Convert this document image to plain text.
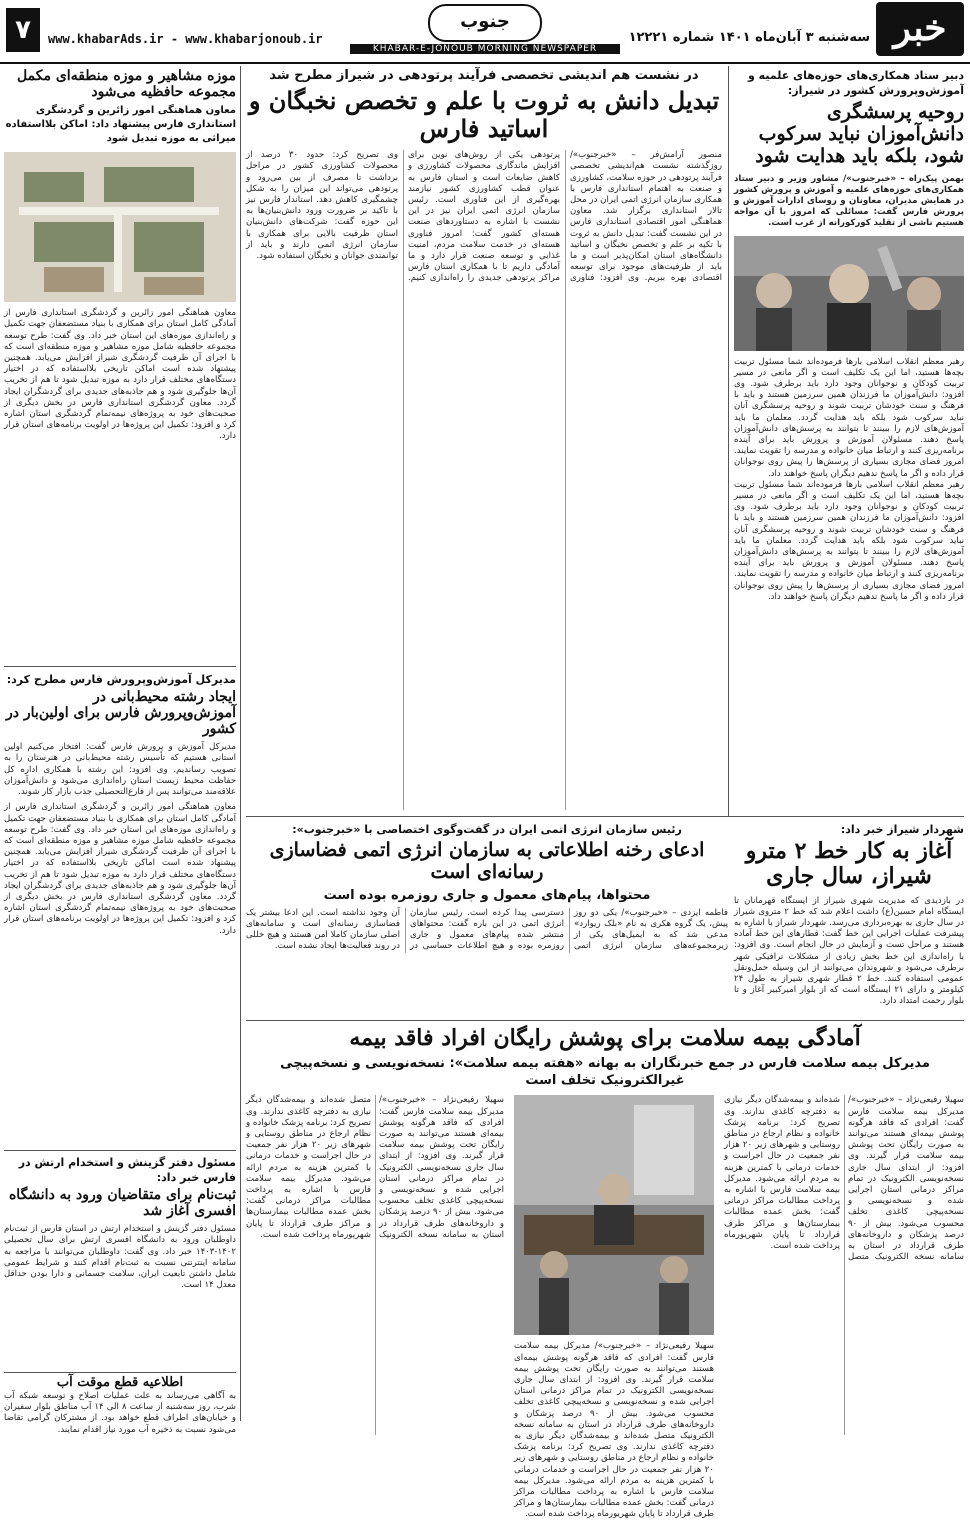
خبر
سه‌شنبه ۳ آبان‌ماه ۱۴۰۱ شماره ۱۲۲۲۱
جنوب
KHABAR-E-JONOUB MORNING NEWSPAPER
www.khabarAds.ir - www.khabarjonoub.ir
۷
دبیر ستاد همکاری‌های حوزه‌های علمیه و آموزش‌وپرورش کشور در شیراز:
روحیه پرسشگری دانش‌آموزان نباید سرکوب شود، بلکه باید هدایت شود
بهمن پیک‌راه – «خبرجنوب»/ مشاور وزیر و دبیر ستاد همکاری‌های حوزه‌های علمیه و آموزش و پرورش کشور در همایش مدیران، معاونان و روسای ادارات آموزش و پرورش فارس گفت: مسائلی که امروز با آن مواجه هستیم ناشی از تقلید کورکورانه از غرب است.
رهبر معظم انقلاب اسلامی بارها فرموده‌اند شما مسئول تربیت بچه‌ها هستید، اما این یک تکلیف است و اگر مانعی در مسیر تربیت کودکان و نوجوانان وجود دارد باید برطرف شود. وی افزود: دانش‌آموزان ما فرزندان همین سرزمین هستند و باید با فرهنگ و سنت خودشان تربیت شوند و روحیه پرسشگری آنان نباید سرکوب شود بلکه باید هدایت گردد. معلمان ما باید آموزش‌های لازم را ببینند تا بتوانند به پرسش‌های دانش‌آموزان پاسخ دهند. مسئولان آموزش و پرورش باید برای آینده برنامه‌ریزی کنند و ارتباط میان خانواده و مدرسه را تقویت نمایند. امروز فضای مجازی بسیاری از پرسش‌ها را پیش روی نوجوانان قرار داده و اگر ما پاسخ ندهیم دیگران پاسخ خواهند داد.
رهبر معظم انقلاب اسلامی بارها فرموده‌اند شما مسئول تربیت بچه‌ها هستید، اما این یک تکلیف است و اگر مانعی در مسیر تربیت کودکان و نوجوانان وجود دارد باید برطرف شود. وی افزود: دانش‌آموزان ما فرزندان همین سرزمین هستند و باید با فرهنگ و سنت خودشان تربیت شوند و روحیه پرسشگری آنان نباید سرکوب شود بلکه باید هدایت گردد. معلمان ما باید آموزش‌های لازم را ببینند تا بتوانند به پرسش‌های دانش‌آموزان پاسخ دهند. مسئولان آموزش و پرورش باید برای آینده برنامه‌ریزی کنند و ارتباط میان خانواده و مدرسه را تقویت نمایند. امروز فضای مجازی بسیاری از پرسش‌ها را پیش روی نوجوانان قرار داده و اگر ما پاسخ ندهیم دیگران پاسخ خواهند داد.
شهردار شیراز خبر داد:
آغاز به کار خط ۲ مترو شیراز، سال جاری
در بازدیدی که مدیریت شهری شیراز از ایستگاه قهرمانان تا ایستگاه امام حسین(ع) داشت اعلام شد که خط ۲ متروی شیراز در سال جاری به بهره‌برداری می‌رسد. شهردار شیراز با اشاره به پیشرفت عملیات اجرایی این خط گفت: قطارهای این خط آماده هستند و مراحل تست و آزمایش در حال انجام است. وی افزود: با راه‌اندازی این خط بخش زیادی از مشکلات ترافیکی شهر برطرف می‌شود و شهروندان می‌توانند از این وسیله حمل‌ونقل عمومی استفاده کنند. خط ۲ قطار شهری شیراز به طول ۲۴ کیلومتر و دارای ۲۱ ایستگاه است که از بلوار امیرکبیر آغاز و تا بلوار رحمت امتداد دارد.
در نشست هم اندیشی تخصصی فرآیند پرتودهی در شیراز مطرح شد
تبدیل دانش به ثروت با علم و تخصص نخبگان و اساتید فارس
منصور آرامش‌فر – «خبرجنوب»/ روزگذشته نشست هم‌اندیشی تخصصی فرآیند پرتودهی در حوزه سلامت، کشاورزی و صنعت به اهتمام استانداری فارس با همکاری سازمان انرژی اتمی ایران در محل تالار استانداری برگزار شد. معاون هماهنگی امور اقتصادی استانداری فارس در این نشست گفت: تبدیل دانش به ثروت با تکیه بر علم و تخصص نخبگان و اساتید دانشگاه‌های استان امکان‌پذیر است و ما باید از ظرفیت‌های موجود برای توسعه اقتصادی بهره ببریم. وی افزود: فناوری پرتودهی یکی از روش‌های نوین برای افزایش ماندگاری محصولات کشاورزی و کاهش ضایعات است و استان فارس به عنوان قطب کشاورزی کشور نیازمند بهره‌گیری از این فناوری است. رئیس سازمان انرژی اتمی ایران نیز در این نشست با اشاره به دستاوردهای صنعت هسته‌ای کشور گفت: امروز فناوری هسته‌ای در خدمت سلامت مردم، امنیت غذایی و توسعه صنعت قرار دارد و ما آمادگی داریم تا با همکاری استان فارس مراکز پرتودهی جدیدی را راه‌اندازی کنیم. وی تصریح کرد: حدود ۳۰ درصد از محصولات کشاورزی کشور در مراحل برداشت تا مصرف از بین می‌رود و پرتودهی می‌تواند این میزان را به شکل چشمگیری کاهش دهد. استاندار فارس نیز با تاکید بر ضرورت ورود دانش‌بنیان‌ها به این حوزه گفت: شرکت‌های دانش‌بنیان استان ظرفیت بالایی برای همکاری با سازمان انرژی اتمی دارند و باید از توانمندی جوانان و نخبگان استفاده شود.
رئیس سازمان انرژی اتمی ایران در گفت‌وگوی اختصاصی با «خبرجنوب»:
ادعای رخنه اطلاعاتی به سازمان انرژی اتمی فضاسازی رسانه‌ای است
محتواها، پیام‌های معمول و جاری روزمره بوده است
فاطمه ایزدی – «خبرجنوب»/ یکی دو روز پیش، یک گروه هکری به نام «بلک ریوارد» مدعی شد که به ایمیل‌های یکی از زیرمجموعه‌های سازمان انرژی اتمی دسترسی پیدا کرده است. رئیس سازمان انرژی اتمی در این باره گفت: محتواهای منتشر شده پیام‌های معمول و جاری روزمره بوده و هیچ اطلاعات حساسی در آن وجود نداشته است. این ادعا بیشتر یک فضاسازی رسانه‌ای است و سامانه‌های اصلی سازمان کاملا امن هستند و هیچ خللی در روند فعالیت‌ها ایجاد نشده است.
آمادگی بیمه سلامت برای پوشش رایگان افراد فاقد بیمه
مدیرکل بیمه سلامت فارس در جمع خبرنگاران به بهانه «هفته بیمه سلامت»: نسخه‌نویسی و نسخه‌پیچی غیرالکترونیک تخلف است
سهیلا رفیعی‌نژاد – «خبرجنوب»/ مدیرکل بیمه سلامت فارس گفت: افرادی که فاقد هرگونه پوشش بیمه‌ای هستند می‌توانند به صورت رایگان تحت پوشش بیمه سلامت قرار گیرند. وی افزود: از ابتدای سال جاری نسخه‌نویسی الکترونیک در تمام مراکز درمانی استان اجرایی شده و نسخه‌نویسی و نسخه‌پیچی کاغذی تخلف محسوب می‌شود. بیش از ۹۰ درصد پزشکان و داروخانه‌های طرف قرارداد در استان به سامانه نسخه الکترونیک متصل شده‌اند و بیمه‌شدگان دیگر نیازی به دفترچه کاغذی ندارند. وی تصریح کرد: برنامه پزشک خانواده و نظام ارجاع در مناطق روستایی و شهرهای زیر ۲۰ هزار نفر جمعیت در حال اجراست و خدمات درمانی با کمترین هزینه به مردم ارائه می‌شود. مدیرکل بیمه سلامت فارس با اشاره به پرداخت مطالبات مراکز درمانی گفت: بخش عمده مطالبات بیمارستان‌ها و مراکز طرف قرارداد تا پایان شهریورماه پرداخت شده است.
سهیلا رفیعی‌نژاد – «خبرجنوب»/ مدیرکل بیمه سلامت فارس گفت: افرادی که فاقد هرگونه پوشش بیمه‌ای هستند می‌توانند به صورت رایگان تحت پوشش بیمه سلامت قرار گیرند. وی افزود: از ابتدای سال جاری نسخه‌نویسی الکترونیک در تمام مراکز درمانی استان اجرایی شده و نسخه‌نویسی و نسخه‌پیچی کاغذی تخلف محسوب می‌شود. بیش از ۹۰ درصد پزشکان و داروخانه‌های طرف قرارداد در استان به سامانه نسخه الکترونیک متصل شده‌اند و بیمه‌شدگان دیگر نیازی به دفترچه کاغذی ندارند. وی تصریح کرد: برنامه پزشک خانواده و نظام ارجاع در مناطق روستایی و شهرهای زیر ۲۰ هزار نفر جمعیت در حال اجراست و خدمات درمانی با کمترین هزینه به مردم ارائه می‌شود. مدیرکل بیمه سلامت فارس با اشاره به پرداخت مطالبات مراکز درمانی گفت: بخش عمده مطالبات بیمارستان‌ها و مراکز طرف قرارداد تا پایان شهریورماه پرداخت شده است.
سهیلا رفیعی‌نژاد – «خبرجنوب»/ مدیرکل بیمه سلامت فارس گفت: افرادی که فاقد هرگونه پوشش بیمه‌ای هستند می‌توانند به صورت رایگان تحت پوشش بیمه سلامت قرار گیرند. وی افزود: از ابتدای سال جاری نسخه‌نویسی الکترونیک در تمام مراکز درمانی استان اجرایی شده و نسخه‌نویسی و نسخه‌پیچی کاغذی تخلف محسوب می‌شود. بیش از ۹۰ درصد پزشکان و داروخانه‌های طرف قرارداد در استان به سامانه نسخه الکترونیک متصل شده‌اند و بیمه‌شدگان دیگر نیازی به دفترچه کاغذی ندارند. وی تصریح کرد: برنامه پزشک خانواده و نظام ارجاع در مناطق روستایی و شهرهای زیر ۲۰ هزار نفر جمعیت در حال اجراست و خدمات درمانی با کمترین هزینه به مردم ارائه می‌شود. مدیرکل بیمه سلامت فارس با اشاره به پرداخت مطالبات مراکز درمانی گفت: بخش عمده مطالبات بیمارستان‌ها و مراکز طرف قرارداد تا پایان شهریورماه پرداخت شده است.
موزه مشاهیر و موزه منطقه‌ای مکمل مجموعه حافظیه می‌شود
معاون هماهنگی امور زائرین و گردشگری استانداری فارس پیشنهاد داد: اماکن بلااستفاده میراثی به موزه تبدیل شود
معاون هماهنگی امور زائرین و گردشگری استانداری فارس از آمادگی کامل استان برای همکاری با بنیاد مستضعفان جهت تکمیل و راه‌اندازی موزه‌های این استان خبر داد. وی گفت: طرح توسعه مجموعه حافظیه شامل موزه مشاهیر و موزه منطقه‌ای است که با اجرای آن ظرفیت گردشگری شیراز افزایش می‌یابد. همچنین پیشنهاد شده است اماکن تاریخی بلااستفاده که در اختیار دستگاه‌های مختلف قرار دارد به موزه تبدیل شود تا هم از تخریب آن‌ها جلوگیری شود و هم جاذبه‌های جدیدی برای گردشگران ایجاد گردد. معاون گردشگری استانداری فارس در بخش دیگری از صحبت‌های خود به پروژه‌های نیمه‌تمام گردشگری استان اشاره کرد و افزود: تکمیل این پروژه‌ها در اولویت برنامه‌های استان قرار دارد.
مدیرکل آموزش‌وپرورش فارس مطرح کرد:
ایجاد رشته محیط‌بانی در آموزش‌وپرورش فارس برای اولین‌بار در کشور
مدیرکل آموزش و پرورش فارس گفت: افتخار می‌کنیم اولین استانی هستیم که تأسیس رشته محیط‌بانی در هنرستان را به تصویب رساندیم. وی افزود: این رشته با همکاری اداره کل حفاظت محیط زیست استان راه‌اندازی می‌شود و دانش‌آموزان علاقه‌مند می‌توانند پس از فارغ‌التحصیلی جذب بازار کار شوند.
معاون هماهنگی امور زائرین و گردشگری استانداری فارس از آمادگی کامل استان برای همکاری با بنیاد مستضعفان جهت تکمیل و راه‌اندازی موزه‌های این استان خبر داد. وی گفت: طرح توسعه مجموعه حافظیه شامل موزه مشاهیر و موزه منطقه‌ای است که با اجرای آن ظرفیت گردشگری شیراز افزایش می‌یابد. همچنین پیشنهاد شده است اماکن تاریخی بلااستفاده که در اختیار دستگاه‌های مختلف قرار دارد به موزه تبدیل شود تا هم از تخریب آن‌ها جلوگیری شود و هم جاذبه‌های جدیدی برای گردشگران ایجاد گردد. معاون گردشگری استانداری فارس در بخش دیگری از صحبت‌های خود به پروژه‌های نیمه‌تمام گردشگری استان اشاره کرد و افزود: تکمیل این پروژه‌ها در اولویت برنامه‌های استان قرار دارد.
مسئول دفتر گزینش و استخدام ارتش در فارس خبر داد:
ثبت‌نام برای متقاضیان ورود به دانشگاه افسری آغاز شد
مسئول دفتر گزینش و استخدام ارتش در استان فارس از ثبت‌نام داوطلبان ورود به دانشگاه افسری ارتش برای سال تحصیلی ۱۴۰۲-۱۴۰۳ خبر داد. وی گفت: داوطلبان می‌توانند با مراجعه به سامانه اینترنتی نسبت به ثبت‌نام اقدام کنند و شرایط عمومی شامل داشتن تابعیت ایران، سلامت جسمانی و دارا بودن حداقل معدل ۱۴ است.
اطلاعیه قطع موقت آب
به آگاهی می‌رساند به علت عملیات اصلاح و توسعه شبکه آب شرب، روز سه‌شنبه از ساعت ۸ الی ۱۴ آب مناطق بلوار سفیران و خیابان‌های اطراف قطع خواهد بود. از مشترکان گرامی تقاضا می‌شود نسبت به ذخیره آب مورد نیاز اقدام نمایند.
